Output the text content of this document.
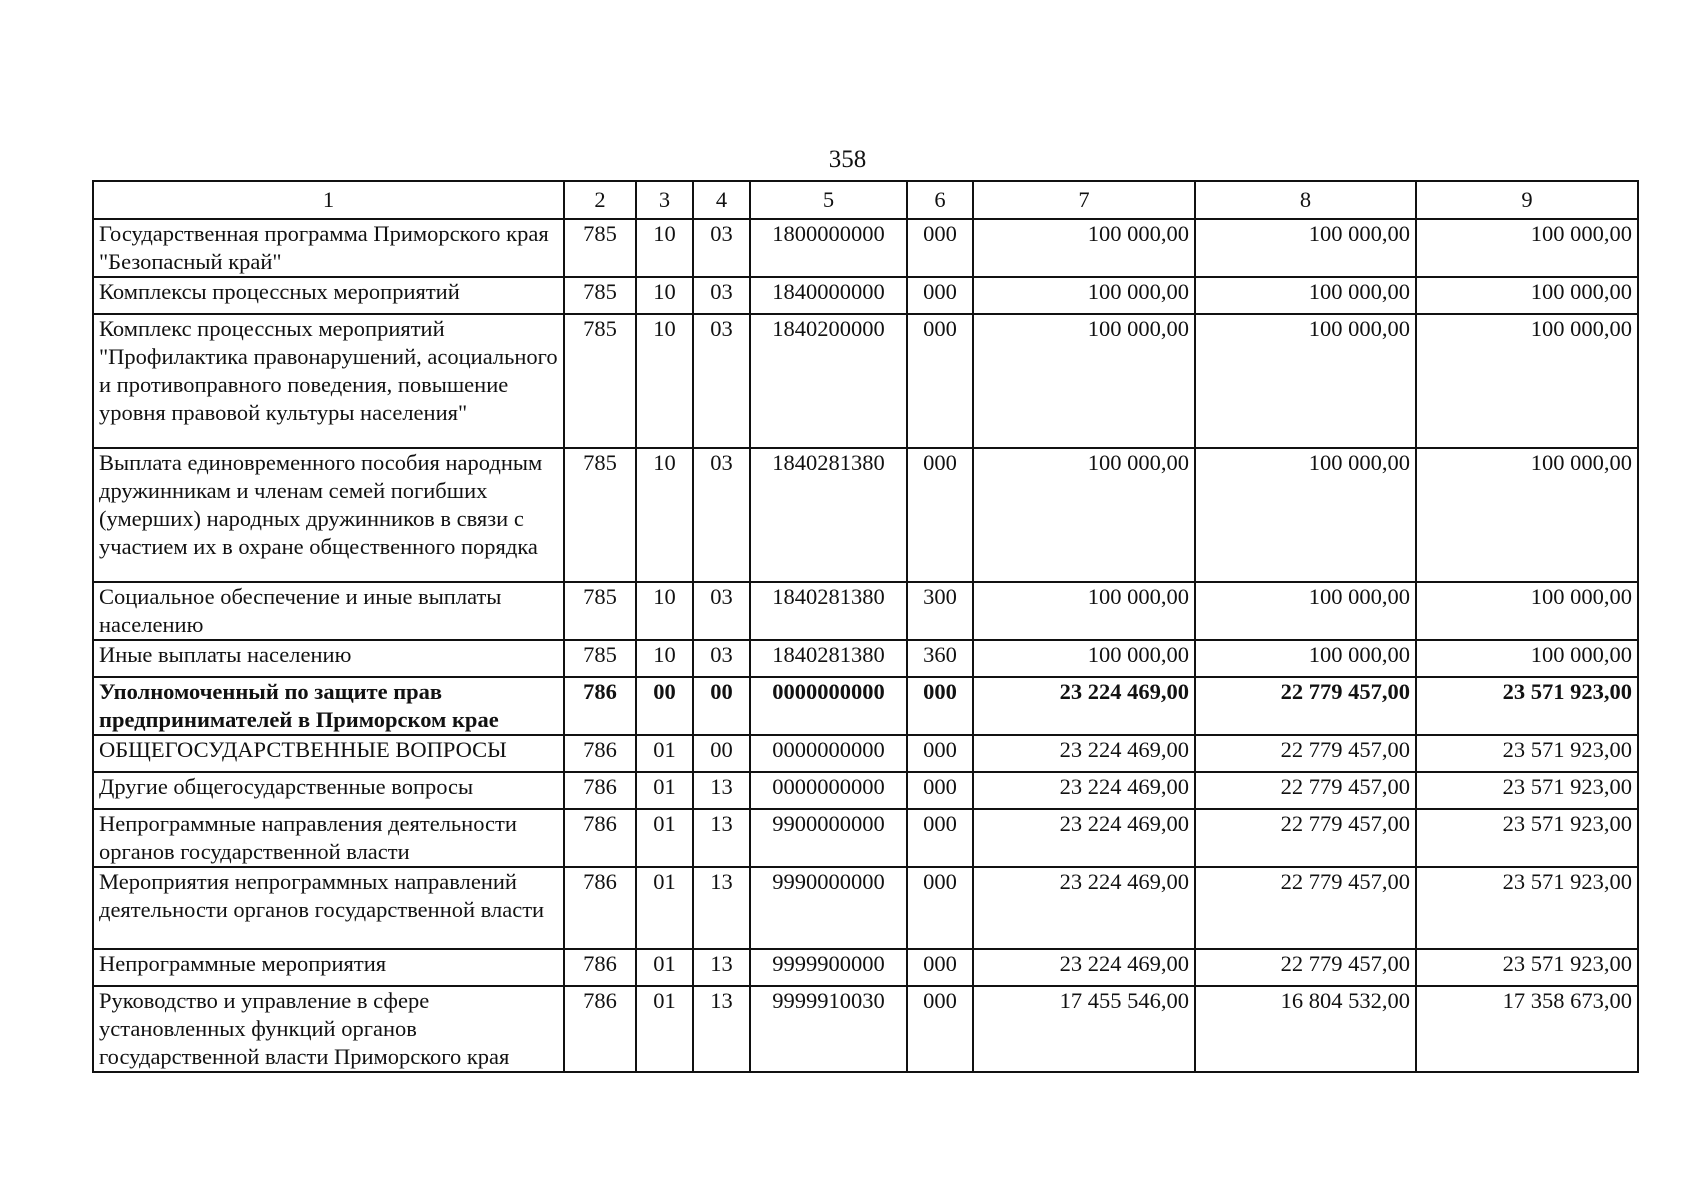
358
1	2	3	4	5	6	7	8	9
Государственная программа Приморского края "Безопасный край"	785	10	03	1800000000	000	100 000,00	100 000,00	100 000,00
Комплексы процессных мероприятий	785	10	03	1840000000	000	100 000,00	100 000,00	100 000,00
Комплекс процессных мероприятий "Профилактика правонарушений, асоциального и противоправного поведения, повышение уровня правовой культуры населения"	785	10	03	1840200000	000	100 000,00	100 000,00	100 000,00
Выплата единовременного пособия народным дружинникам и членам семей погибших (умерших) народных дружинников в связи с участием их в охране общественного порядка	785	10	03	1840281380	000	100 000,00	100 000,00	100 000,00
Социальное обеспечение и иные выплаты населению	785	10	03	1840281380	300	100 000,00	100 000,00	100 000,00
Иные выплаты населению	785	10	03	1840281380	360	100 000,00	100 000,00	100 000,00
Уполномоченный по защите прав предпринимателей в Приморском крае	786	00	00	0000000000	000	23 224 469,00	22 779 457,00	23 571 923,00
ОБЩЕГОСУДАРСТВЕННЫЕ ВОПРОСЫ	786	01	00	0000000000	000	23 224 469,00	22 779 457,00	23 571 923,00
Другие общегосударственные вопросы	786	01	13	0000000000	000	23 224 469,00	22 779 457,00	23 571 923,00
Непрограммные направления деятельности органов государственной власти	786	01	13	9900000000	000	23 224 469,00	22 779 457,00	23 571 923,00
Мероприятия непрограммных направлений деятельности органов государственной власти	786	01	13	9990000000	000	23 224 469,00	22 779 457,00	23 571 923,00
Непрограммные мероприятия	786	01	13	9999900000	000	23 224 469,00	22 779 457,00	23 571 923,00
Руководство и управление в сфере установленных функций органов государственной власти Приморского края	786	01	13	9999910030	000	17 455 546,00	16 804 532,00	17 358 673,00
